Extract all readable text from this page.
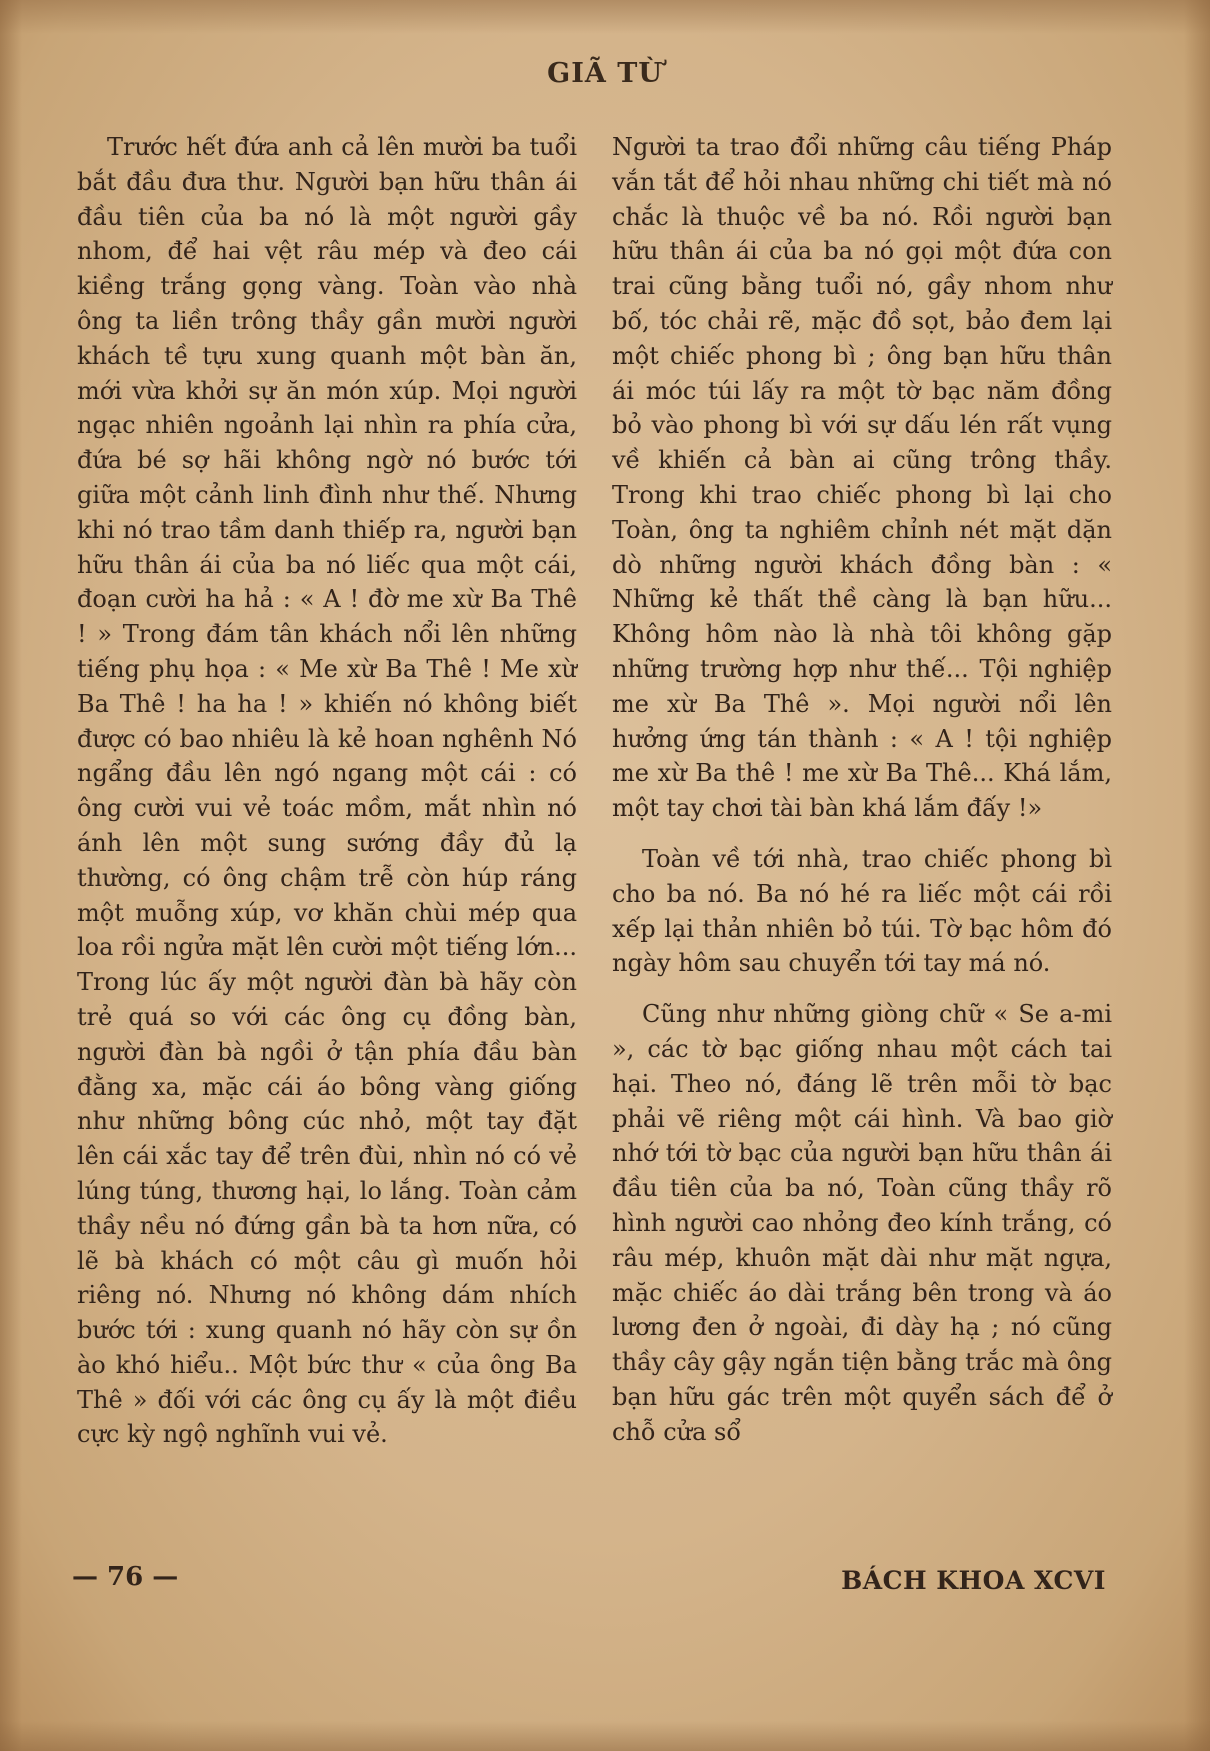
GIÃ TỪ

Trước hết đứa anh cả lên mười ba tuổi bắt đầu đưa thư. Người bạn hữu thân ái đầu tiên của ba nó là một người gầy nhom, để hai vệt râu mép và đeo cái kiềng trắng gọng vàng. Toàn vào nhà ông ta liền trông thầy gần mười người khách tề tựu xung quanh một bàn ăn, mới vừa khởi sự ăn món xúp. Mọi người ngạc nhiên ngoảnh lại nhìn ra phía cửa, đứa bé sợ hãi không ngờ nó bước tới giữa một cảnh linh đình như thế. Nhưng khi nó trao tầm danh thiếp ra, người bạn hữu thân ái của ba nó liếc qua một cái, đoạn cười ha hả : « A ! đờ me xừ Ba Thê ! » Trong đám tân khách nổi lên những tiếng phụ họa : « Me xừ Ba Thê ! Me xừ Ba Thê ! ha ha ! » khiến nó không biết được có bao nhiêu là kẻ hoan nghênh Nó ngẩng đầu lên ngó ngang một cái : có ông cười vui vẻ toác mồm, mắt nhìn nó ánh lên một sung sướng đầy đủ lạ thường, có ông chậm trễ còn húp ráng một muỗng xúp, vơ khăn chùi mép qua loa rồi ngửa mặt lên cười một tiếng lớn... Trong lúc ấy một người đàn bà hãy còn trẻ quá so với các ông cụ đồng bàn, người đàn bà ngồi ở tận phía đầu bàn đằng xa, mặc cái áo bông vàng giống như những bông cúc nhỏ, một tay đặt lên cái xắc tay để trên đùi, nhìn nó có vẻ lúng túng, thương hại, lo lắng. Toàn cảm thầy nều nó đứng gần bà ta hơn nữa, có lẽ bà khách có một câu gì muốn hỏi riêng nó. Nhưng nó không dám nhích bước tới : xung quanh nó hãy còn sự ồn ào khó hiểu.. Một bức thư « của ông Ba Thê » đối với các ông cụ ấy là một điều cực kỳ ngộ nghĩnh vui vẻ.

Người ta trao đổi những câu tiếng Pháp vắn tắt để hỏi nhau những chi tiết mà nó chắc là thuộc về ba nó. Rồi người bạn hữu thân ái của ba nó gọi một đứa con trai cũng bằng tuổi nó, gầy nhom như bố, tóc chải rẽ, mặc đồ sọt, bảo đem lại một chiếc phong bì ; ông bạn hữu thân ái móc túi lấy ra một tờ bạc năm đồng bỏ vào phong bì với sự dấu lén rất vụng về khiến cả bàn ai cũng trông thầy. Trong khi trao chiếc phong bì lại cho Toàn, ông ta nghiêm chỉnh nét mặt dặn dò những người khách đồng bàn : « Những kẻ thất thề càng là bạn hữu... Không hôm nào là nhà tôi không gặp những trường hợp như thế... Tội nghiệp me xừ Ba Thê ». Mọi người nổi lên hưởng ứng tán thành : « A ! tội nghiệp me xừ Ba thê ! me xừ Ba Thê... Khá lắm, một tay chơi tài bàn khá lắm đấy !»

Toàn về tới nhà, trao chiếc phong bì cho ba nó. Ba nó hé ra liếc một cái rồi xếp lại thản nhiên bỏ túi. Tờ bạc hôm đó ngày hôm sau chuyển tới tay má nó.

Cũng như những giòng chữ « Se a-mi », các tờ bạc giống nhau một cách tai hại. Theo nó, đáng lẽ trên mỗi tờ bạc phải vẽ riêng một cái hình. Và bao giờ nhớ tới tờ bạc của người bạn hữu thân ái đầu tiên của ba nó, Toàn cũng thầy rõ hình người cao nhỏng đeo kính trắng, có râu mép, khuôn mặt dài như mặt ngựa, mặc chiếc áo dài trắng bên trong và áo lương đen ở ngoài, đi dày hạ ; nó cũng thầy cây gậy ngắn tiện bằng trắc mà ông bạn hữu gác trên một quyển sách để ở chỗ cửa sổ

— 76 —	BÁCH KHOA XCVI
